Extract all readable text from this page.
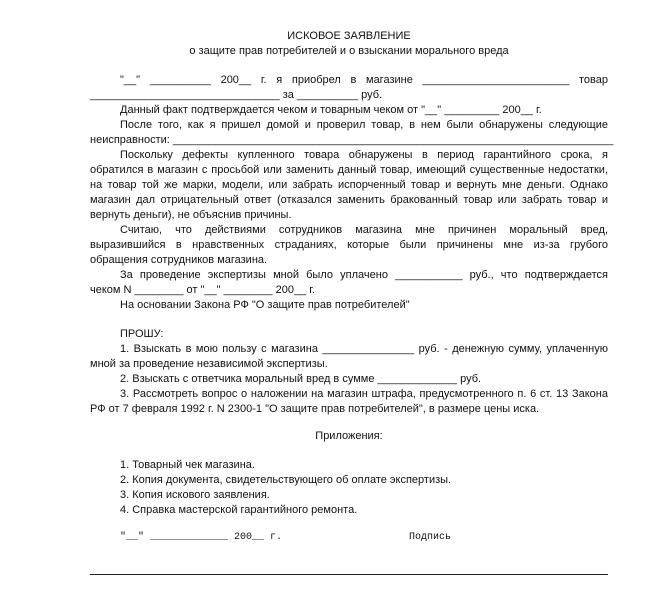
ИСКОВОЕ ЗАЯВЛЕНИЕ
о защите прав потребителей и о взыскании морального вреда
"__" __________ 200__ г. я приобрел в магазине ________________________ товар
_______________________________ за __________ руб.
Данный факт подтверждается чеком и товарным чеком от "__" _________ 200__ г.
После того, как я пришел домой и проверил товар, в нем были обнаружены следующие
неисправности: ________________________________________________________________________
Поскольку дефекты купленного товара обнаружены в период гарантийного срока, я
обратился в магазин с просьбой или заменить данный товар, имеющий существенные недостатки,
на товар той же марки, модели, или забрать испорченный товар и вернуть мне деньги. Однако
магазин дал отрицательный ответ (отказался заменить бракованный товар или забрать товар и
вернуть деньги), не объяснив причины.
Считаю, что действиями сотрудников магазина мне причинен моральный вред,
выразившийся в нравственных страданиях, которые были причинены мне из-за грубого
обращения сотрудников магазина.
За проведение экспертизы мной было уплачено ___________ руб., что подтверждается
чеком N ________ от "__" ________ 200__ г.
На основании Закона РФ "О защите прав потребителей"
ПРОШУ:
1. Взыскать в мою пользу с магазина _______________ руб. - денежную сумму, уплаченную
мной за проведение независимой экспертизы.
2. Взыскать с ответчика моральный вред в сумме _____________ руб.
3. Рассмотреть вопрос о наложении на магазин штрафа, предусмотренного п. 6 ст. 13 Закона
РФ от 7 февраля 1992 г. N 2300-1 "О защите прав потребителей", в размере цены иска.
Приложения:
1. Товарный чек магазина.
2. Копия документа, свидетельствующего об оплате экспертизы.
3. Копия искового заявления.
4. Справка мастерской гарантийного ремонта.
"__" _____________ 200__ г.	Подпись
